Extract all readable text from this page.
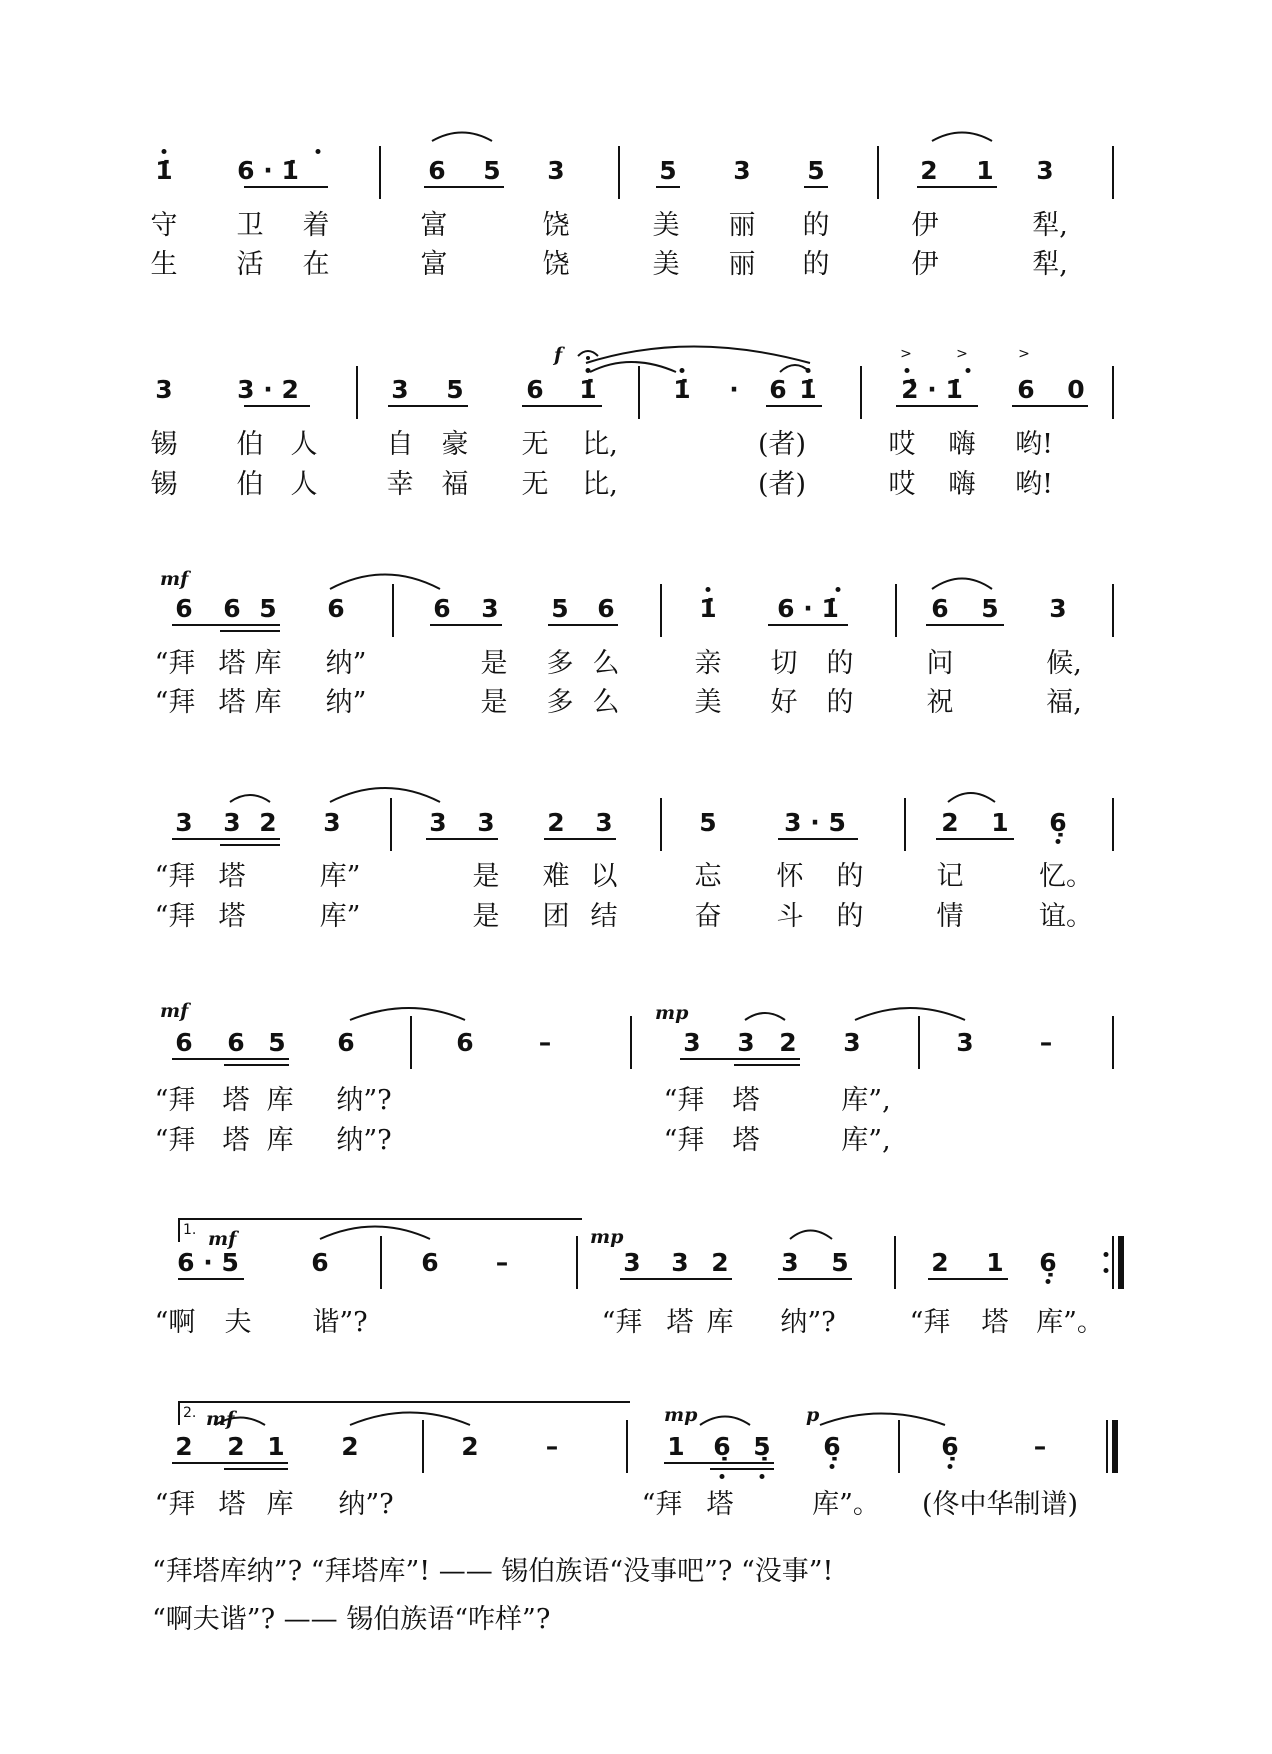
1̇	6 · 1̇	6 5 3	5 3 5	2 1 3
守 卫 着	富	饶	美 丽 的	伊	犁,
生 活 在	富	饶	美 丽 的	伊	犁,
3	3 · 2	3 5	6 1̇	1̇ · 6 1̇	2̇ · 1̇ 6 0
f	>	>	>
锡 伯 人	自 豪 无 比,	(者)	哎 嗨 哟!
锡 伯 人	幸 福 无 比,	(者)	哎 嗨 哟!
mf
6 6 5 6	6 3 5 6	1̇ 6 · 1̇	6 5 3
“拜 塔 库 纳”	是 多 么	亲 切 的	问	候,
“拜 塔 库 纳”	是 多 么	美 好 的	祝	福,
3 3 2 3	3 3 2 3	5	3 · 5	2 1 6̣
“拜 塔	库”	是 难 以	忘 怀 的	记	忆。
“拜 塔	库”	是 团 结	奋 斗 的	情	谊。
mf
6 6 5 6	6	–
mp
3 3 2 3	3	–
“拜 塔 库 纳”?	“拜 塔	库”,
“拜 塔 库 纳”?	“拜 塔	库”,
1. mf
6 · 5	6	6 –
mp
3 3 2 3 5	2 1 6̣
“啊 夫 谐”?	“拜 塔 库 纳”?	“拜 塔 库”。
2. mf
2 2 1 2	2	–
mp
1 6̣ 5̣
p
6̣	6̣	–
“拜 塔 库 纳”?	“拜 塔	库”。 (佟中华制谱)
“拜塔库纳”? “拜塔库”! —— 锡伯族语“没事吧”? “没事”!
“啊夫谐”? —— 锡伯族语“咋样”?
